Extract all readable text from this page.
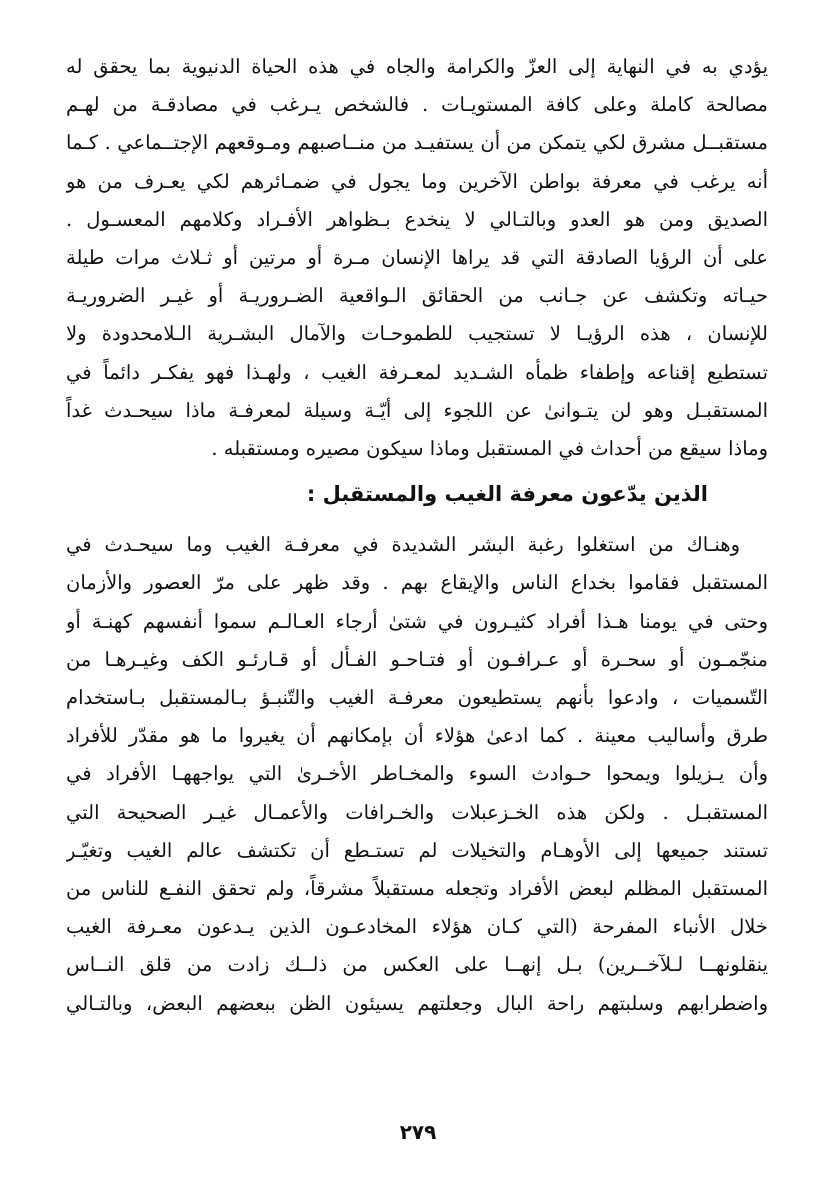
يؤدي به في النهاية إلى العزّ والكرامة والجاه في هذه الحياة الدنيوية بما يحقق له
مصالحة كاملة وعلى كافة المستويـات . فالشخص يـرغب في مصادقـة من لهـم
مستقبــل مشرق لكي يتمكن من أن يستفيـد من منــاصبهم ومـوقعهم الإجتــماعي . كـما
أنه يرغب في معرفة بواطن الآخرين وما يجول في ضمـائرهم لكي يعـرف من هو
الصديق ومن هو العدو وبالتـالي لا ينخدع بـظواهر الأفـراد وكلامهم المعسـول .
على أن الرؤيا الصادقة التي قد يراها الإنسان مـرة أو مرتين أو ثـلاث مرات طيلة
حيـاته وتكشف عن جـانب من الحقائق الـواقعية الضـروريـة أو غيـر الضروريـة
للإنسان ، هذه الرؤيـا لا تستجيب للطموحـات والآمال البشـرية الـلامحدودة ولا
تستطيع إقناعه وإطفاء ظمأه الشـديد لمعـرفة الغيب ، ولهـذا فهو يفكـر دائماً في
المستقبـل وهو لن يتـوانىٰ عن اللجوء إلى أيّـة وسيلة لمعرفـة ماذا سيحـدث غداً
وماذا سيقع من أحداث في المستقبل وماذا سيكون مصيره ومستقبله .
الذين يدّعون معرفة الغيب والمستقبل :
وهنـاك من استغلوا رغبة البشر الشديدة في معرفـة الغيب وما سيحـدث في
المستقبل فقاموا بخداع الناس والإيقاع بهم . وقد ظهر على مرّ العصور والأزمان
وحتى في يومنا هـذا أفراد كثيـرون في شتىٰ أرجاء العـالـم سموا أنفسهم كهنـة أو
منجّمـون أو سحـرة أو عـرافـون أو فتـاحـو الفـأل أو قـارئـو الكف وغيـرهـا من
التّسميات ، وادعوا بأنهم يستطيعون معرفـة الغيب والتّنبـؤ بـالمستقبل بـاستخدام
طرق وأساليب معينة . كما ادعىٰ هؤلاء أن بإمكانهم أن يغيروا ما هو مقدّر للأفراد
وأن يـزيلوا ويمحوا حـوادث السوء والمخـاطر الأخـرىٰ التي يواجههـا الأفراد في
المستقبـل . ولكن هذه الخـزعبلات والخـرافات والأعمـال غيـر الصحيحة التي
تستند جميعها إلى الأوهـام والتخيلات لم تستـطع أن تكتشف عالم الغيب وتغيّـر
المستقبل المظلم لبعض الأفراد وتجعله مستقبلاً مشرقاً، ولم تحقق النفـع للناس من
خلال الأنباء المفرحة (التي كـان هؤلاء المخادعـون الذين يـدعون معـرفة الغيب
ينقلونهــا لـلآخــرين) بـل إنهــا على العكس من ذلــك زادت من قلق النــاس
واضطرابهم وسلبتهم راحة البال وجعلتهم يسيئون الظن ببعضهم البعض، وبالتـالي
٢٧٩
